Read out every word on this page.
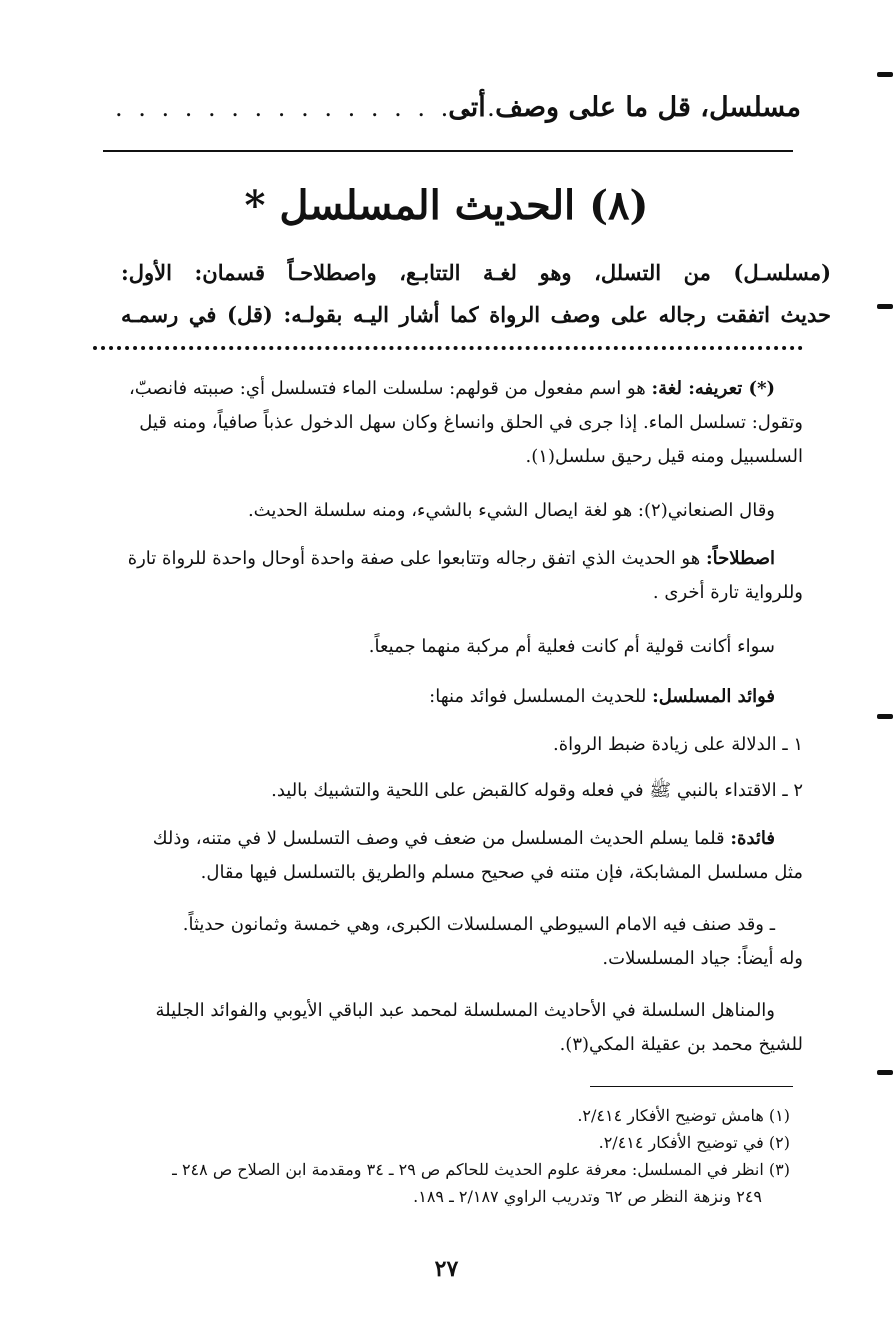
مسلسل، قل ما على وصف أتى
. . . . . . . . . . . . . . . . . .
(٨) الحديث المسلسل *

(مسلسـل) من التسلل، وهو لغـة التتابـع، واصطلاحـاً قسمان: الأول:

حديث اتفقت رجاله على وصف الرواة كما أشار اليـه بقولـه: (قل) في رسمـه

(*) تعريفه: لغة: هو اسم مفعول من قولهم: سلسلت الماء فتسلسل أي: صببته فانصبّ،

وتقول: تسلسل الماء. إذا جرى في الحلق وانساغ وكان سهل الدخول عذباً صافياً، ومنه قيل

السلسبيل ومنه قيل رحيق سلسل(١).

وقال الصنعاني(٢): هو لغة ايصال الشيء بالشيء، ومنه سلسلة الحديث.

اصطلاحاً: هو الحديث الذي اتفق رجاله وتتابعوا على صفة واحدة أوحال واحدة للرواة تارة

وللرواية تارة أخرى .

سواء أكانت قولية أم كانت فعلية أم مركبة منهما جميعاً.

فوائد المسلسل: للحديث المسلسل فوائد منها:

١ ـ الدلالة على زيادة ضبط الرواة.

٢ ـ الاقتداء بالنبي ﷺ في فعله وقوله كالقبض على اللحية والتشبيك باليد.

فائدة: قلما يسلم الحديث المسلسل من ضعف في وصف التسلسل لا في متنه، وذلك

مثل مسلسل المشابكة، فإن متنه في صحيح مسلم والطريق بالتسلسل فيها مقال.

ـ وقد صنف فيه الامام السيوطي المسلسلات الكبرى، وهي خمسة وثمانون حديثاً.

وله أيضاً: جياد المسلسلات.

والمناهل السلسلة في الأحاديث المسلسلة لمحمد عبد الباقي الأيوبي والفوائد الجليلة

للشيخ محمد بن عقيلة المكي(٣).

(١) هامش توضيح الأفكار ٢/٤١٤.

(٢) في توضيح الأفكار ٢/٤١٤.

(٣) انظر في المسلسل: معرفة علوم الحديث للحاكم ص ٢٩ ـ ٣٤ ومقدمة ابن الصلاح ص ٢٤٨ ـ

٢٤٩ ونزهة النظر ص ٦٢ وتدريب الراوي ٢/١٨٧ ـ ١٨٩.

٢٧
